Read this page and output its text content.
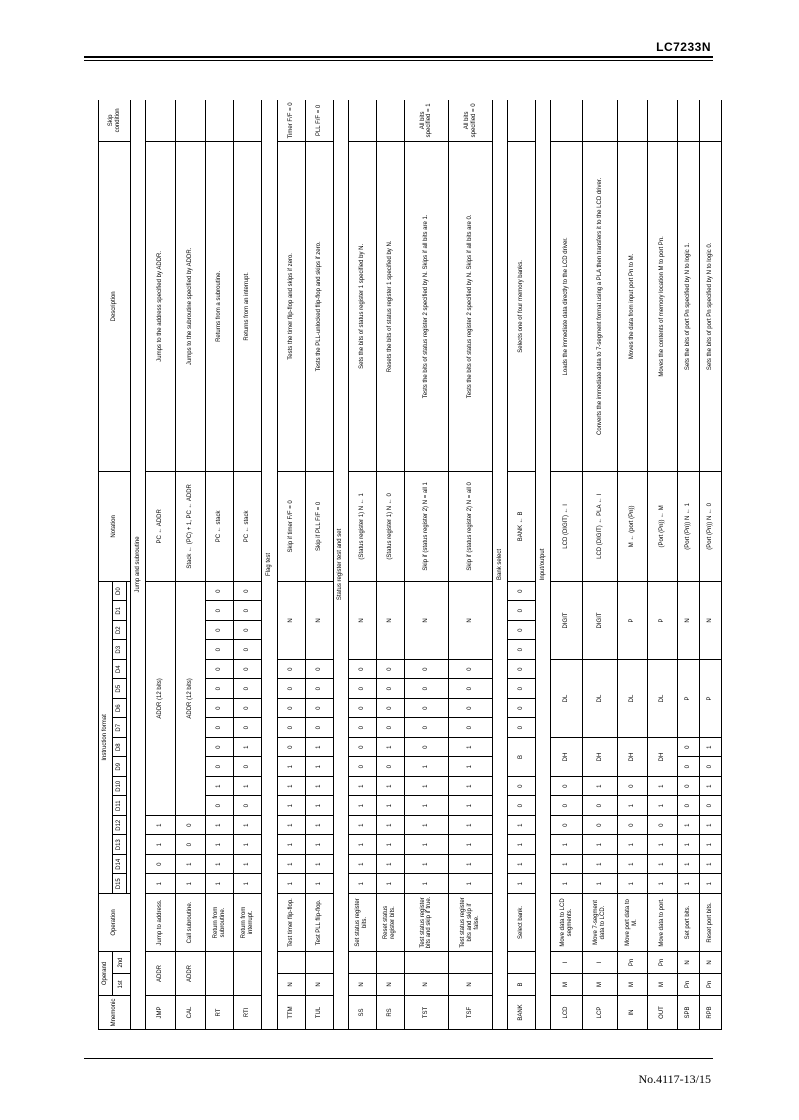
LC7233N
Mnemonic	Operand		Operation	Instruction format																Notation	Description	Skip condition
	1st	2nd		D15	D14	D13	D12	D11	D10	D9	D8	D7	D6	D5	D4	D3	D2	D1	D0			

Jump and subroutine																						
JMP	ADDR		Jump to address.	1	0	1	1	ADDR (12 bits)												PC ← ADDR	Jumps to the address specified by ADDR.	
CAL	ADDR		Call subroutine.	1	1	0	0	ADDR (12 bits)												Stack ← (PC) + 1, PC ← ADDR	Jumps to the subroutine specified by ADDR.	
RT			Return from subroutine.	1	1	1	1	0	1	0	0	0	0	0	0	0	0	0	0	PC ← stack	Returns from a subroutine.	
RTI			Return from interrupt.	1	1	1	1	0	1	0	1	0	0	0	0	0	0	0	0	PC ← stack	Returns from an interrupt.	
Flag test																						
TTM	N		Test timer flip-flop.	1	1	1	1	1	1	1	0	0	0	0	0	N				Skip if timer F/F = 0	Tests the timer flip-flop and skips if zero.	Timer F/F = 0
TUL	N		Test PLL flip-flop.	1	1	1	1	1	1	1	1	0	0	0	0	N				Skip if PLL F/F = 0	Tests the PLL-unlocked flip-flop and skips if zero.	PLL F/F = 0
Status register test and set																						
SS	N		Set status register bits.	1	1	1	1	1	1	0	0	0	0	0	0	N				(Status register 1) N ← 1	Sets the bits of status register 1 specified by N.	
RS	N		Reset status register bits.	1	1	1	1	1	1	0	1	0	0	0	0	N				(Status register 1) N ← 0	Resets the bits of status register 1 specified by N.	
TST	N		Test status register bits and skip if true.	1	1	1	1	1	1	1	0	0	0	0	0	N				Skip if (status register 2) N = all 1	Tests the bits of status register 2 specified by N. Skips if all bits are 1.	All bits specified = 1
TSF	N		Test status register bits and skip if false.	1	1	1	1	1	1	1	1	0	0	0	0	N				Skip if (status register 2) N = all 0	Tests the bits of status register 2 specified by N. Skips if all bits are 0.	All bits specified = 0
Bank select																						
BANK	B		Select bank.	1	1	1	1	0	0	B		0	0	0	0	0	0	0	0	BANK ← B	Selects one of four memory banks.	
Input/output																						
LCD	M	I	Move data to LCD segments.	1	1	1	0	0	0	DH		DL				DIGIT				LCD (DIGIT) ← I	Loads the immediate data directly to the LCD driver.	
LCP	M	I	Move 7-segment data to LCD.	1	1	1	0	0	1	DH		DL				DIGIT				LCD (DIGIT) ← PLA ← I	Converts the immediate data to 7-segment format using a PLA then transfers it to the LCD driver.	
IN	M	Pn	Move port data to M.	1	1	1	0	1	0	DH		DL				P				M ← (port (Pn))	Moves the data from input port Pn to M.	
OUT	M	Pn	Move data to port.	1	1	1	0	1	1	DH		DL				P				(Port (Pn)) ← M	Moves the contents of memory location M to port Pn.	
SPB	Pn	N	Set port bits.	1	1	1	1	0	0	0	0	P				N				(Port (Pn)) N ← 1	Sets the bits of port Pn specified by N to logic 1.	
RPB	Pn	N	Reset port bits.	1	1	1	1	0	1	0	1	P				N				(Port (Pn)) N ← 0	Sets the bits of port Pn specified by N to logic 0.	
No.4117-13/15
